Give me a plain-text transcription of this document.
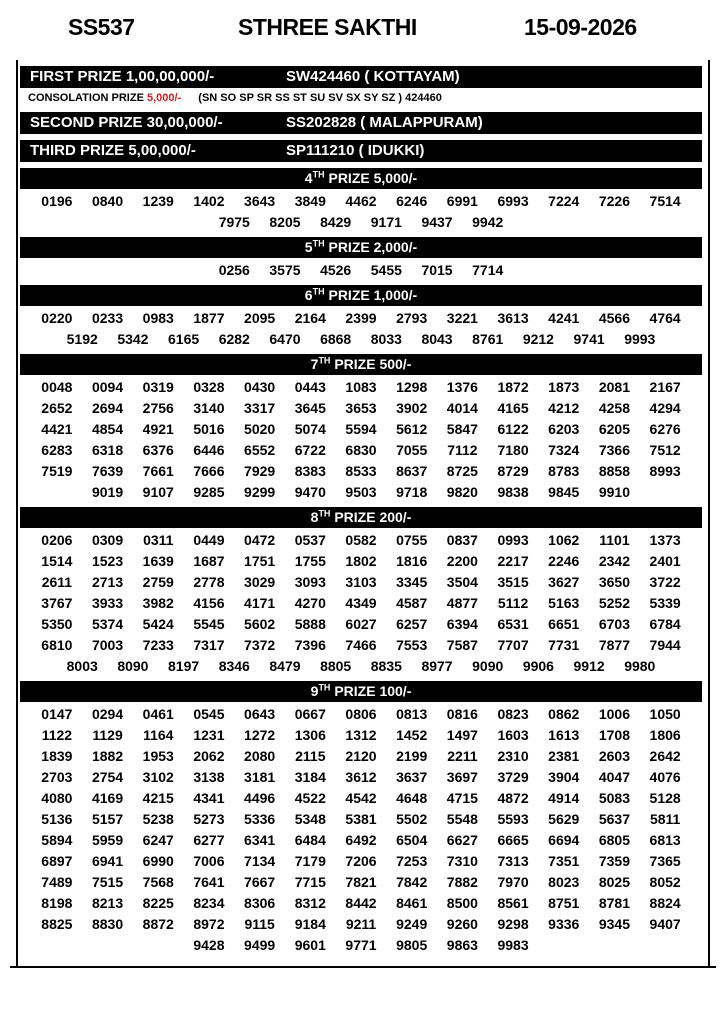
SS537	STHREE SAKTHI	15-09-2026
FIRST PRIZE 1,00,00,000/-	SW424460 ( KOTTAYAM)
CONSOLATION PRIZE 5,000/- (SN SO SP SR SS ST SU SV SX SY SZ ) 424460
SECOND PRIZE 30,00,000/-	SS202828 ( MALAPPURAM)
THIRD PRIZE 5,00,000/-	SP111210 ( IDUKKI)
4TH PRIZE 5,000/-
0196	0840	1239	1402	3643	3849	4462	6246	6991	6993	7224	7226	7514
7975	8205	8429	9171	9437	9942
5TH PRIZE 2,000/-
0256	3575	4526	5455	7015	7714
6TH PRIZE 1,000/-
0220	0233	0983	1877	2095	2164	2399	2793	3221	3613	4241	4566	4764
5192	5342	6165	6282	6470	6868	8033	8043	8761	9212	9741	9993
7TH PRIZE 500/-
0048	0094	0319	0328	0430	0443	1083	1298	1376	1872	1873	2081	2167
2652	2694	2756	3140	3317	3645	3653	3902	4014	4165	4212	4258	4294
4421	4854	4921	5016	5020	5074	5594	5612	5847	6122	6203	6205	6276
6283	6318	6376	6446	6552	6722	6830	7055	7112	7180	7324	7366	7512
7519	7639	7661	7666	7929	8383	8533	8637	8725	8729	8783	8858	8993
9019	9107	9285	9299	9470	9503	9718	9820	9838	9845	9910
8TH PRIZE 200/-
0206	0309	0311	0449	0472	0537	0582	0755	0837	0993	1062	1101	1373
1514	1523	1639	1687	1751	1755	1802	1816	2200	2217	2246	2342	2401
2611	2713	2759	2778	3029	3093	3103	3345	3504	3515	3627	3650	3722
3767	3933	3982	4156	4171	4270	4349	4587	4877	5112	5163	5252	5339
5350	5374	5424	5545	5602	5888	6027	6257	6394	6531	6651	6703	6784
6810	7003	7233	7317	7372	7396	7466	7553	7587	7707	7731	7877	7944
8003	8090	8197	8346	8479	8805	8835	8977	9090	9906	9912	9980
9TH PRIZE 100/-
0147	0294	0461	0545	0643	0667	0806	0813	0816	0823	0862	1006	1050
1122	1129	1164	1231	1272	1306	1312	1452	1497	1603	1613	1708	1806
1839	1882	1953	2062	2080	2115	2120	2199	2211	2310	2381	2603	2642
2703	2754	3102	3138	3181	3184	3612	3637	3697	3729	3904	4047	4076
4080	4169	4215	4341	4496	4522	4542	4648	4715	4872	4914	5083	5128
5136	5157	5238	5273	5336	5348	5381	5502	5548	5593	5629	5637	5811
5894	5959	6247	6277	6341	6484	6492	6504	6627	6665	6694	6805	6813
6897	6941	6990	7006	7134	7179	7206	7253	7310	7313	7351	7359	7365
7489	7515	7568	7641	7667	7715	7821	7842	7882	7970	8023	8025	8052
8198	8213	8225	8234	8306	8312	8442	8461	8500	8561	8751	8781	8824
8825	8830	8872	8972	9115	9184	9211	9249	9260	9298	9336	9345	9407
9428	9499	9601	9771	9805	9863	9983
